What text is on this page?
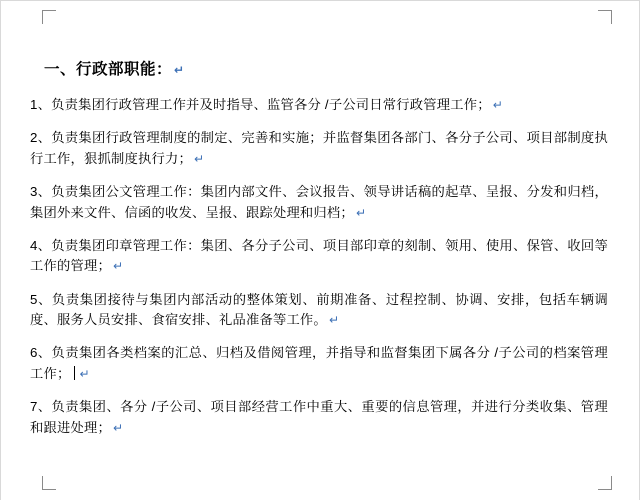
一、行政部职能： ↵

1、负责集团行政管理工作并及时指导、监管各分 /子公司日常行政管理工作； ↵

2、负责集团行政管理制度的制定、完善和实施；并监督集团各部门、各分子公司、项目部制度执行工作，狠抓制度执行力； ↵

3、负责集团公文管理工作：集团内部文件、会议报告、领导讲话稿的起草、呈报、分发和归档，集团外来文件、信函的收发、呈报、跟踪处理和归档； ↵

4、负责集团印章管理工作：集团、各分子公司、项目部印章的刻制、领用、使用、保管、收回等工作的管理； ↵

5、负责集团接待与集团内部活动的整体策划、前期准备、过程控制、协调、安排，包括车辆调度、服务人员安排、食宿安排、礼品准备等工作。 ↵

6、负责集团各类档案的汇总、归档及借阅管理，并指导和监督集团下属各分 /子公司的档案管理工作； ↵

7、负责集团、各分 /子公司、项目部经营工作中重大、重要的信息管理，并进行分类收集、管理和跟进处理； ↵
